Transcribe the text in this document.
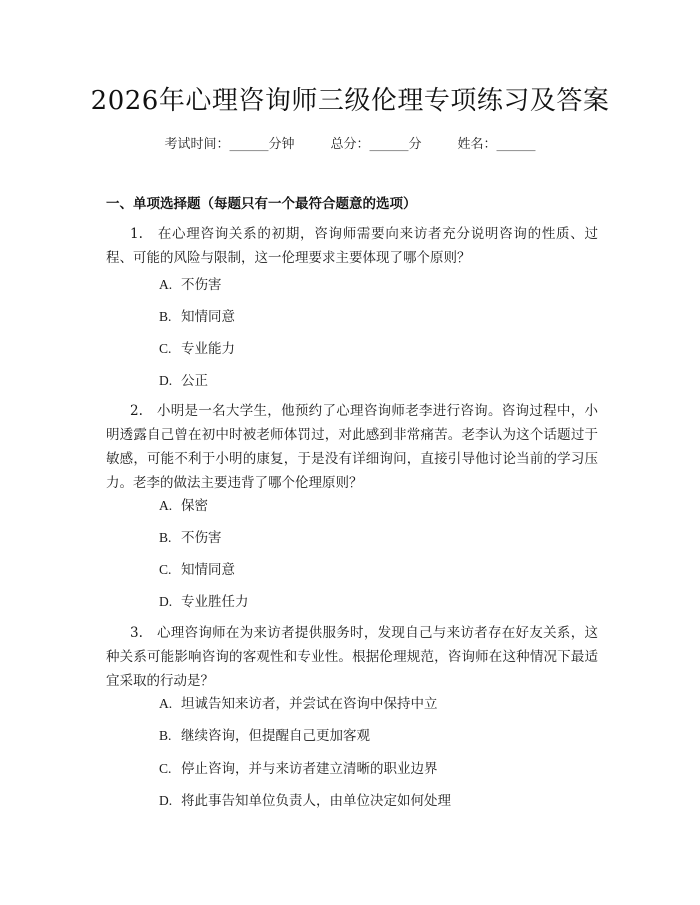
2026年心理咨询师三级伦理专项练习及答案
考试时间：______分钟	总分：______分	姓名：______
一、单项选择题（每题只有一个最符合题意的选项）

1.　在心理咨询关系的初期，咨询师需要向来访者充分说明咨询的性质、过程、可能的风险与限制，这一伦理要求主要体现了哪个原则？

A. 不伤害
B. 知情同意
C. 专业能力
D. 公正

2.　小明是一名大学生，他预约了心理咨询师老李进行咨询。咨询过程中，小明透露自己曾在初中时被老师体罚过，对此感到非常痛苦。老李认为这个话题过于敏感，可能不利于小明的康复，于是没有详细询问，直接引导他讨论当前的学习压力。老李的做法主要违背了哪个伦理原则？

A. 保密
B. 不伤害
C. 知情同意
D. 专业胜任力

3.　心理咨询师在为来访者提供服务时，发现自己与来访者存在好友关系，这种关系可能影响咨询的客观性和专业性。根据伦理规范，咨询师在这种情况下最适宜采取的行动是？

A. 坦诚告知来访者，并尝试在咨询中保持中立
B. 继续咨询，但提醒自己更加客观
C. 停止咨询，并与来访者建立清晰的职业边界
D. 将此事告知单位负责人，由单位决定如何处理
